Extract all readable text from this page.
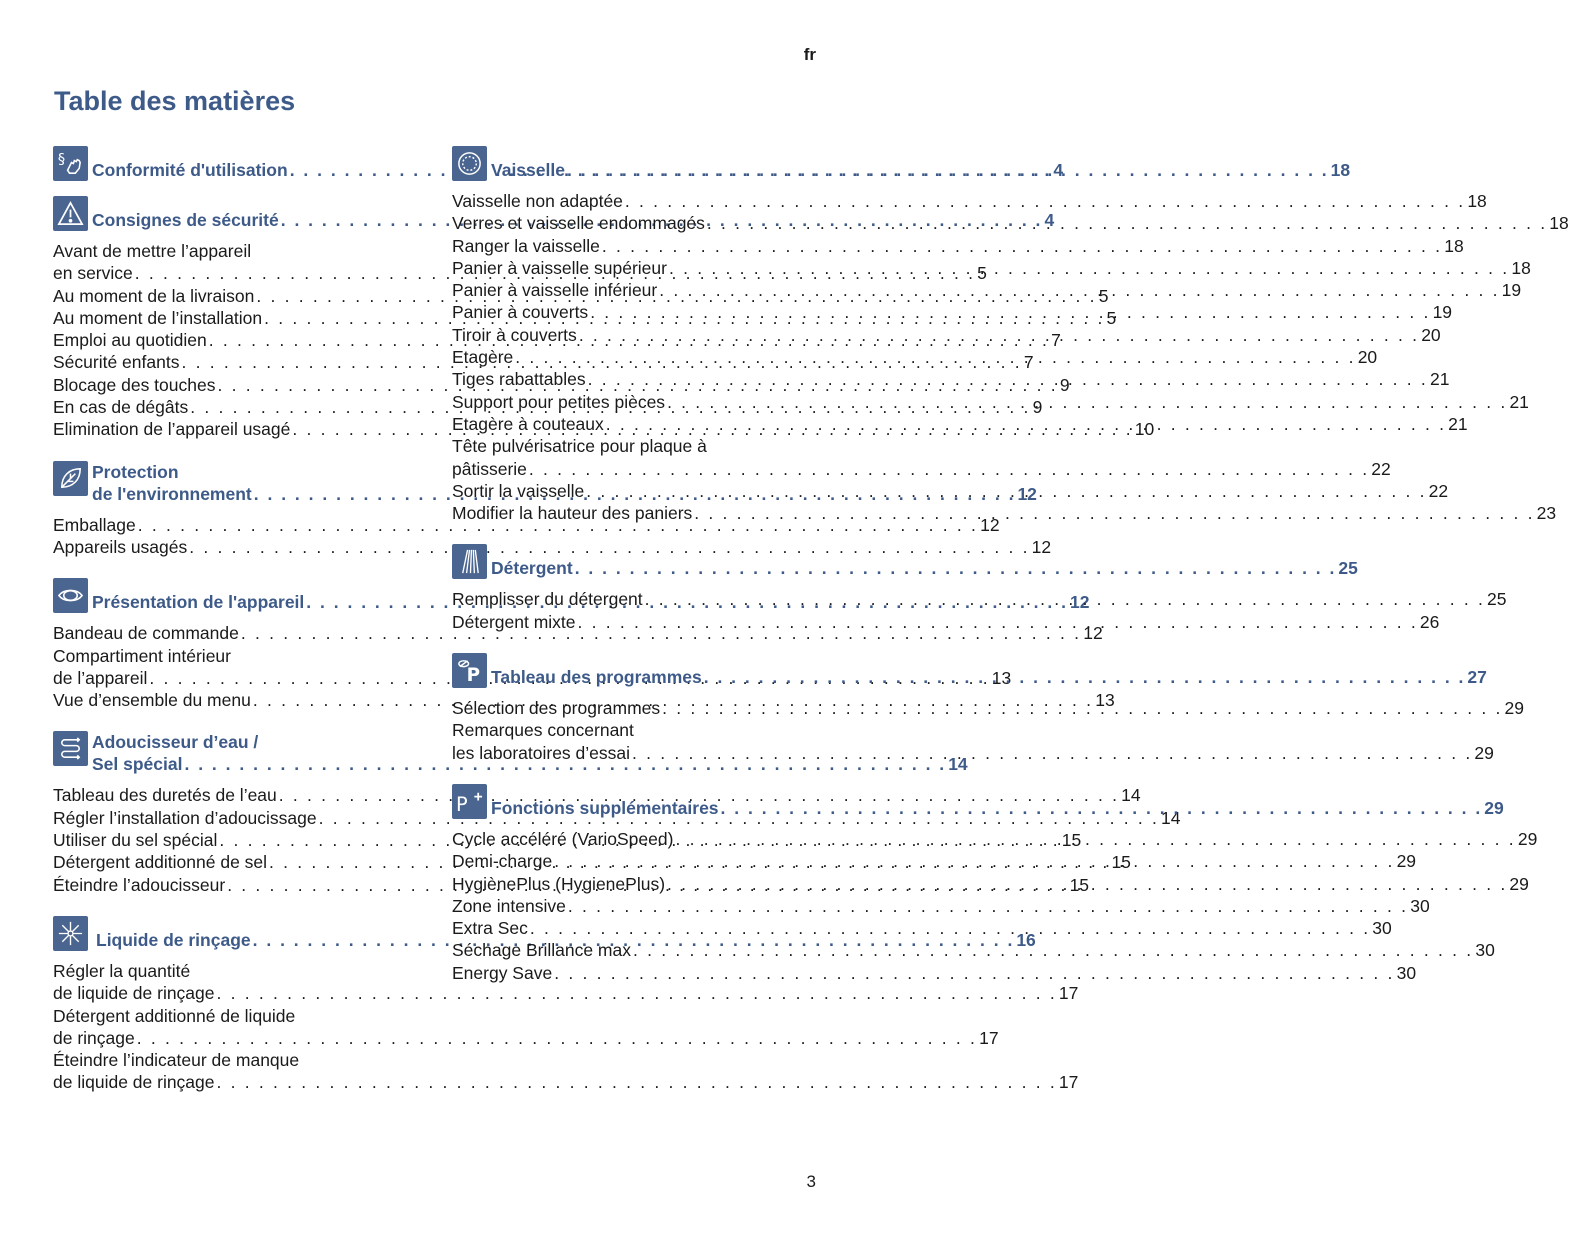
fr
Table des matières
§
Conformité d'utilisation . . .	4
Consignes de sécurité . . .	4
Avant de mettre l’appareil
en service . . .	5
Au moment de la livraison . . .	5
Au moment de l’installation . . .	5
Emploi au quotidien . . .	7
Sécurité enfants . . .	7
Blocage des touches . . .	9
En cas de dégâts . . .	9
Elimination de l’appareil usagé . . .	10
Protection
de l'environnement . . .	12
Emballage . . .	12
Appareils usagés . . .	12
Présentation de l'appareil . . .	12
Bandeau de commande . . .	12
Compartiment intérieur
de l’appareil . . .	13
Vue d’ensemble du menu . . .	13
Adoucisseur d’eau /
Sel spécial . . .	14
Tableau des duretés de l’eau . . .	14
Régler l’installation d’adoucissage . . .	14
Utiliser du sel spécial . . .	15
Détergent additionné de sel . . .	15
Éteindre l’adoucisseur . . .	15
Liquide de rinçage . . .	16
Régler la quantité
de liquide de rinçage . . .	17
Détergent additionné de liquide
de rinçage . . .	17
Éteindre l’indicateur de manque
de liquide de rinçage . . .	17
Vaisselle . . .	18
Vaisselle non adaptée . . .	18
Verres et vaisselle endommagés . . .	18
Ranger la vaisselle . . .	18
Panier à vaisselle supérieur . . .	18
Panier à vaisselle inférieur . . .	19
Panier à couverts . . .	19
Tiroir à couverts . . .	20
Etagère . . .	20
Tiges rabattables . . .	21
Support pour petites pièces . . .	21
Etagère à couteaux . . .	21
Tête pulvérisatrice pour plaque à
pâtisserie . . .	22
Sortir la vaisselle . . .	22
Modifier la hauteur des paniers . . .	23
Détergent . . .	25
Remplisser du détergent . . .	25
Détergent mixte . . .	26
P Tableau des programmes . . .	27
Sélection des programmes . . .	29
Remarques concernant
les laboratoires d’essai . . .	29
P Fonctions supplémentaires . . .	29
Cycle accéléré (VarioSpeed) . . .	29
Demi-charge . . .	29
HygiènePlus (HygienePlus) . . .	29
Zone intensive . . .	30
Extra Sec . . .	30
Séchage Brillance max . . .	30
Energy Save . . .	30
3
